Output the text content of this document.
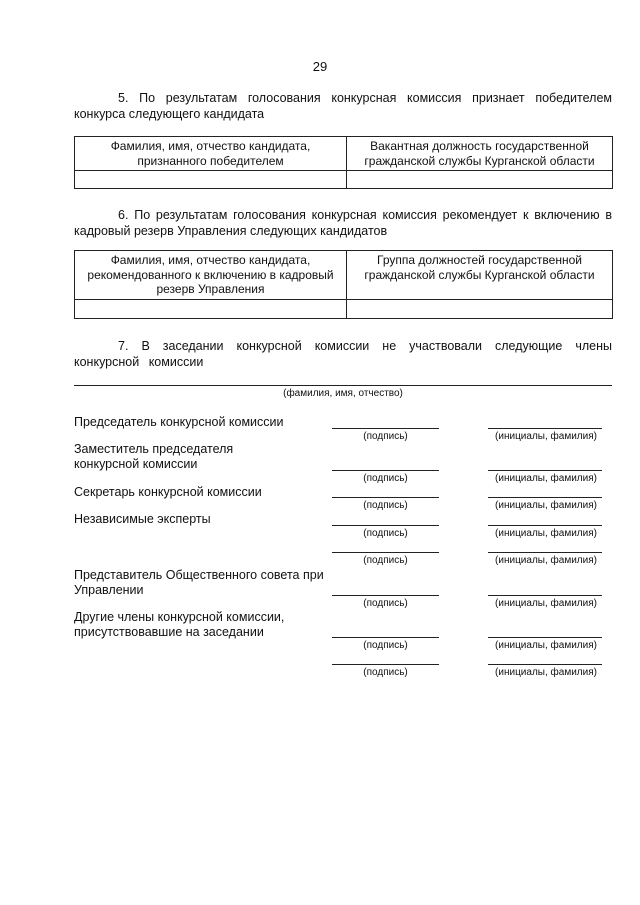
29
5. По результатам голосования конкурсная комиссия признает победителем конкурса следующего кандидата
Фамилия, имя, отчество кандидата, признанного победителем	Вакантная должность государственной гражданской службы Курганской области

6. По результатам голосования конкурсная комиссия рекомендует к включению в кадровый резерв Управления следующих кандидатов
Фамилия, имя, отчество кандидата, рекомендованного к включению в кадровый резерв Управления	Группа должностей государственной гражданской службы Курганской области

7. В заседании конкурсной комиссии не участвовали следующие члены конкурсной комиссии
(фамилия, имя, отчество)
Председатель конкурсной комиссии
(подпись)	(инициалы, фамилия)
Заместитель председателя конкурсной комиссии
(подпись)	(инициалы, фамилия)
Секретарь конкурсной комиссии
(подпись)	(инициалы, фамилия)
Независимые эксперты
(подпись)	(инициалы, фамилия)
(подпись)	(инициалы, фамилия)
Представитель Общественного совета при Управлении
(подпись)	(инициалы, фамилия)
Другие члены конкурсной комиссии, присутствовавшие на заседании
(подпись)	(инициалы, фамилия)
(подпись)	(инициалы, фамилия)
